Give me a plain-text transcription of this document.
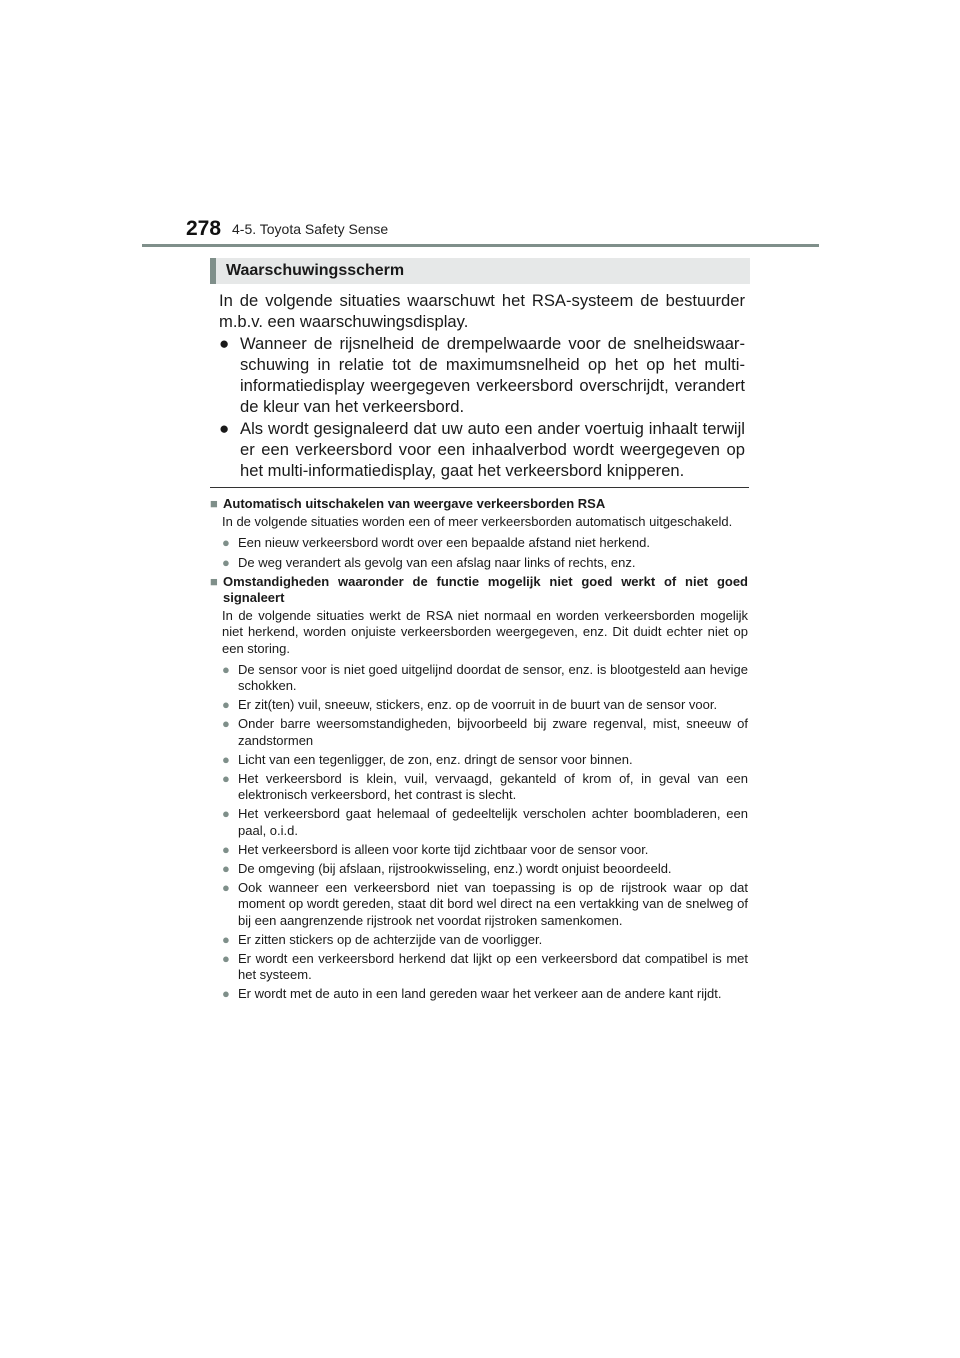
278 4-5. Toyota Safety Sense
Waarschuwingsscherm

In de volgende situaties waarschuwt het RSA-systeem de bestuurder m.b.v. een waarschuwingsdisplay.

● Wanneer de rijsnelheid de drempelwaarde voor de snelheidswaarschuwing in relatie tot de maximumsnelheid op het op het multiinformatiedisplay weergegeven verkeersbord overschrijdt, verandert de kleur van het verkeersbord.
● Als wordt gesignaleerd dat uw auto een ander voertuig inhaalt terwijl er een verkeersbord voor een inhaalverbod wordt weergegeven op het multi-informatiedisplay, gaat het verkeersbord knipperen.

■ Automatisch uitschakelen van weergave verkeersborden RSA

In de volgende situaties worden een of meer verkeersborden automatisch uitgeschakeld.

● Een nieuw verkeersbord wordt over een bepaalde afstand niet herkend.
● De weg verandert als gevolg van een afslag naar links of rechts, enz.

■ Omstandigheden waaronder de functie mogelijk niet goed werkt of niet goed signaleert

In de volgende situaties werkt de RSA niet normaal en worden verkeersborden mogelijk niet herkend, worden onjuiste verkeersborden weergegeven, enz. Dit duidt echter niet op een storing.

● De sensor voor is niet goed uitgelijnd doordat de sensor, enz. is blootgesteld aan hevige schokken.
● Er zit(ten) vuil, sneeuw, stickers, enz. op de voorruit in de buurt van de sensor voor.
● Onder barre weersomstandigheden, bijvoorbeeld bij zware regenval, mist, sneeuw of zandstormen
● Licht van een tegenligger, de zon, enz. dringt de sensor voor binnen.
● Het verkeersbord is klein, vuil, vervaagd, gekanteld of krom of, in geval van een elektronisch verkeersbord, het contrast is slecht.
● Het verkeersbord gaat helemaal of gedeeltelijk verscholen achter boombladeren, een paal, o.i.d.
● Het verkeersbord is alleen voor korte tijd zichtbaar voor de sensor voor.
● De omgeving (bij afslaan, rijstrookwisseling, enz.) wordt onjuist beoordeeld.
● Ook wanneer een verkeersbord niet van toepassing is op de rijstrook waar op dat moment op wordt gereden, staat dit bord wel direct na een vertakking van de snelweg of bij een aangrenzende rijstrook net voordat rijstroken samenkomen.
● Er zitten stickers op de achterzijde van de voorligger.
● Er wordt een verkeersbord herkend dat lijkt op een verkeersbord dat compatibel is met het systeem.
● Er wordt met de auto in een land gereden waar het verkeer aan de andere kant rijdt.
